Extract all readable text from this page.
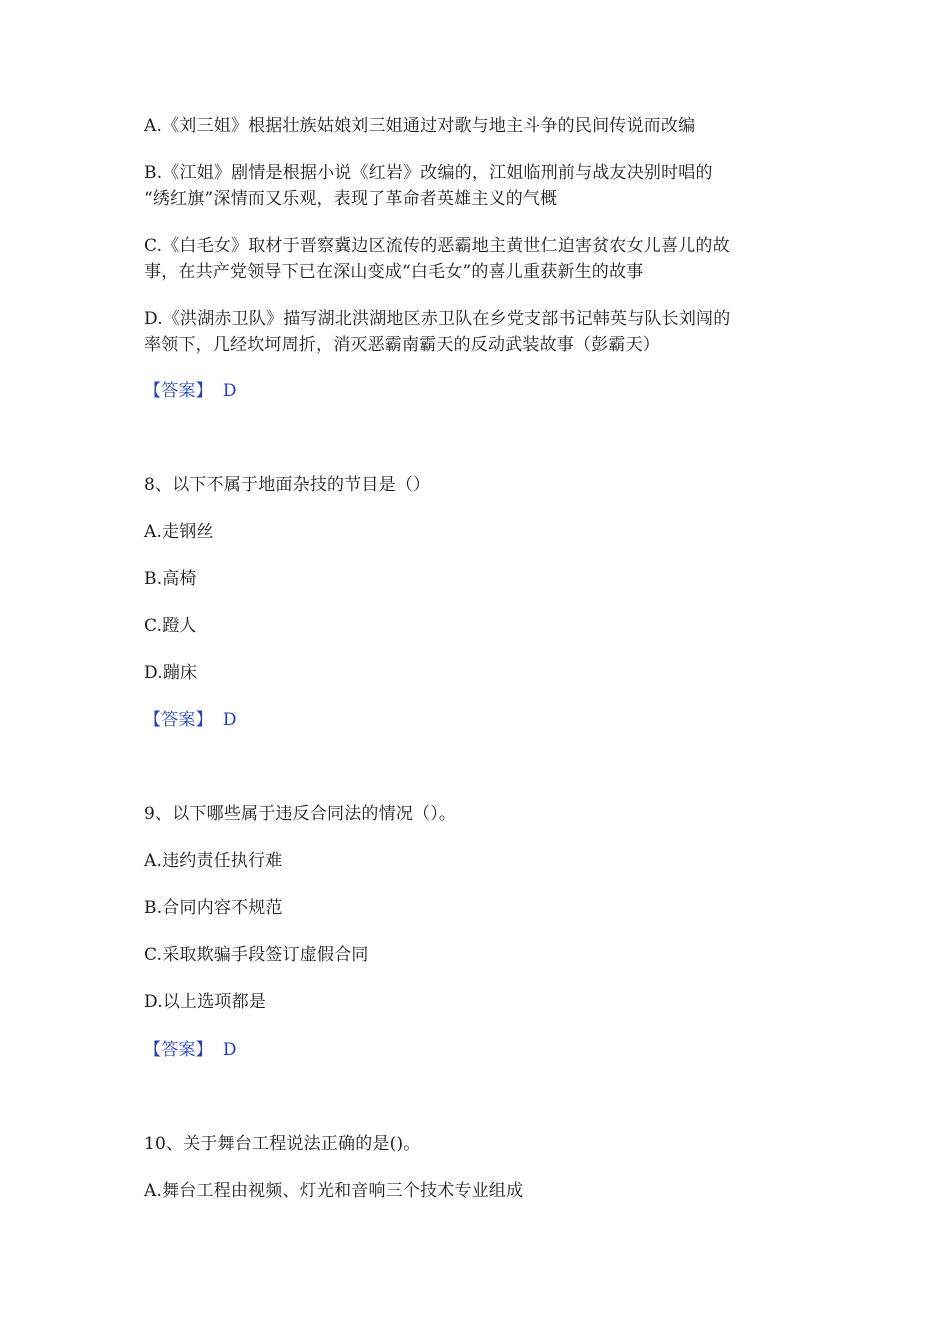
A.《刘三姐》根据壮族姑娘刘三姐通过对歌与地主斗争的民间传说而改编
B.《江姐》剧情是根据小说《红岩》改编的，江姐临刑前与战友决别时唱的
“绣红旗”深情而又乐观，表现了革命者英雄主义的气概
C.《白毛女》取材于晋察冀边区流传的恶霸地主黄世仁迫害贫农女儿喜儿的故
事，在共产党领导下已在深山变成“白毛女”的喜儿重获新生的故事
D.《洪湖赤卫队》描写湖北洪湖地区赤卫队在乡党支部书记韩英与队长刘闯的
率领下，几经坎坷周折，消灭恶霸南霸天的反动武装故事（彭霸天）
【答案】 D
8、以下不属于地面杂技的节目是（）
A.走钢丝
B.高椅
C.蹬人
D.蹦床
【答案】 D
9、以下哪些属于违反合同法的情况（）。
A.违约责任执行难
B.合同内容不规范
C.采取欺骗手段签订虚假合同
D.以上选项都是
【答案】 D
10、关于舞台工程说法正确的是()。
A.舞台工程由视频、灯光和音响三个技术专业组成
